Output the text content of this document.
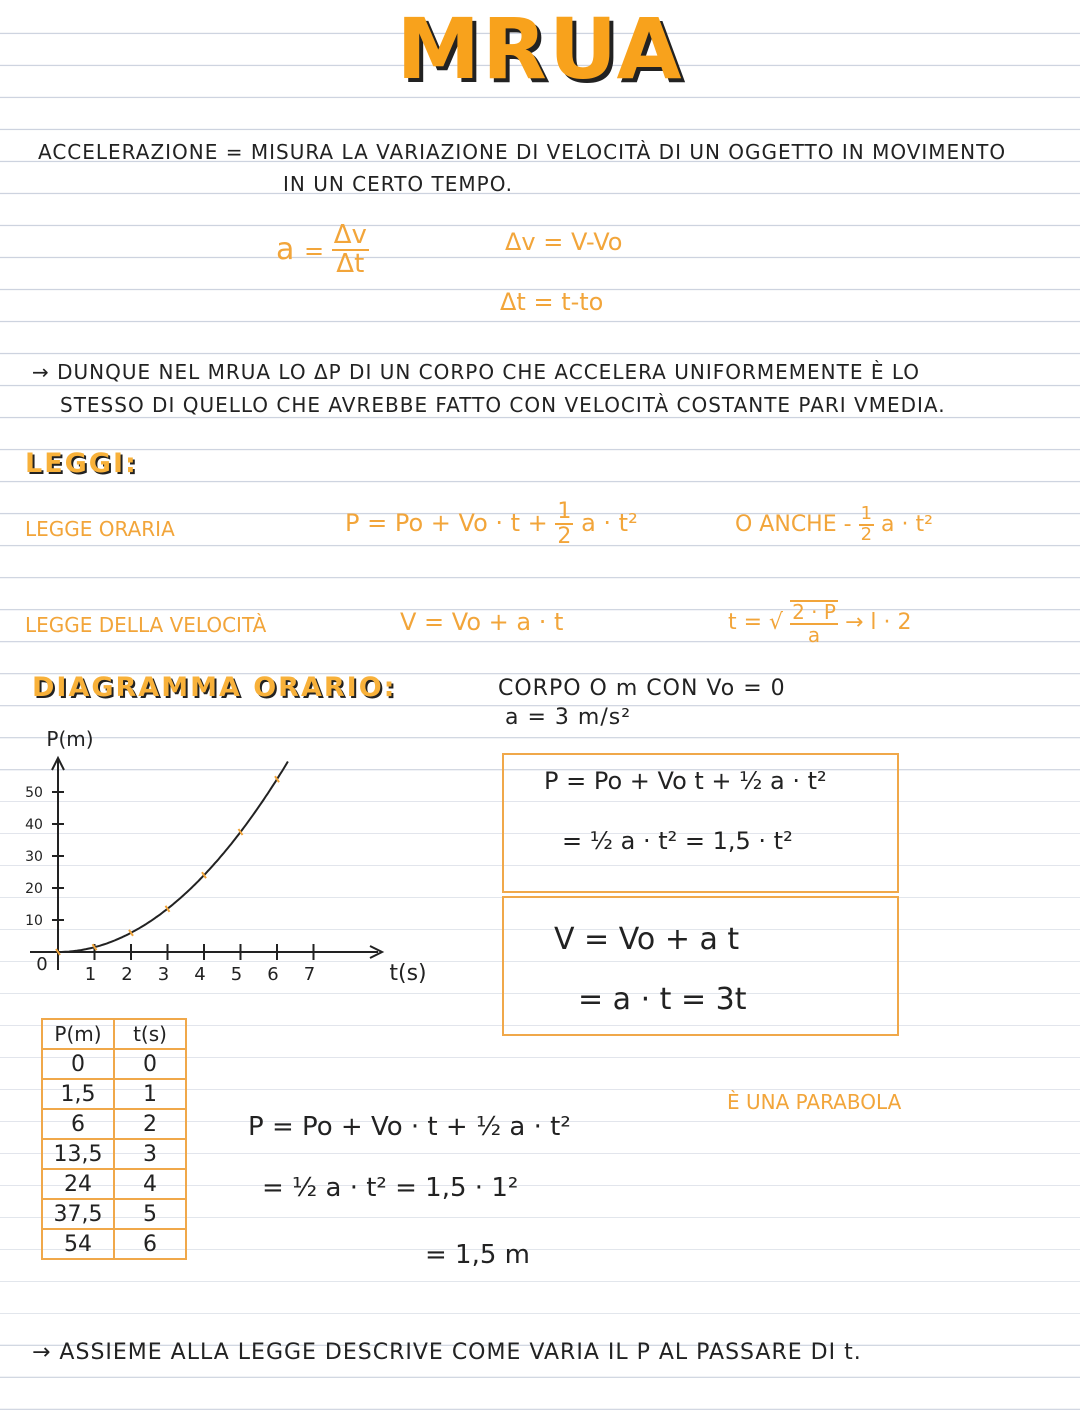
MRUA
ACCELERAZIONE = MISURA LA VARIAZIONE DI VELOCITÀ DI UN OGGETTO IN MOVIMENTO
IN UN CERTO TEMPO.
$a = \frac{\Delta v}{\Delta t}$	Δv = V-Vo
Δt = t-to
→ DUNQUE NEL MRUA LO ΔP DI UN CORPO CHE ACCELERA UNIFORMEMENTE È LO
STESSO DI QUELLO CHE AVREBBE FATTO CON VELOCITÀ COSTANTE PARI VMEDIA.
LEGGI:
LEGGE ORARIA	$P = Po + Vo \cdot t + \frac{1}{2}$ a · t²	O ANCHE - $\frac{1}{2}$ a · t²
LEGGE DELLA VELOCITÀ	V = Vo + a · t	t = √ $\frac{2 \cdot P}{a} \to l \cdot 2$
DIAGRAMMA ORARIO:	CORPO O m CON Vo = 0
a = 3 m/s²
P(m)
t(s)
0
10
20
30
40
50
1 2 3 4 5 6 7
P = Po + Vo t + ½ a · t²
= ½ a · t² = 1,5 · t²
V = Vo + a t
= a · t = 3t
P(m)	t(s)
0	0
1,5	1
6	2
13,5	3
24	4
37,5	5
54	6
È UNA PARABOLA
P = Po + Vo · t + ½ a · t²
= ½ a · t² = 1,5 · 1²
= 1,5 m
→ ASSIEME ALLA LEGGE DESCRIVE COME VARIA IL P AL PASSARE DI t.
